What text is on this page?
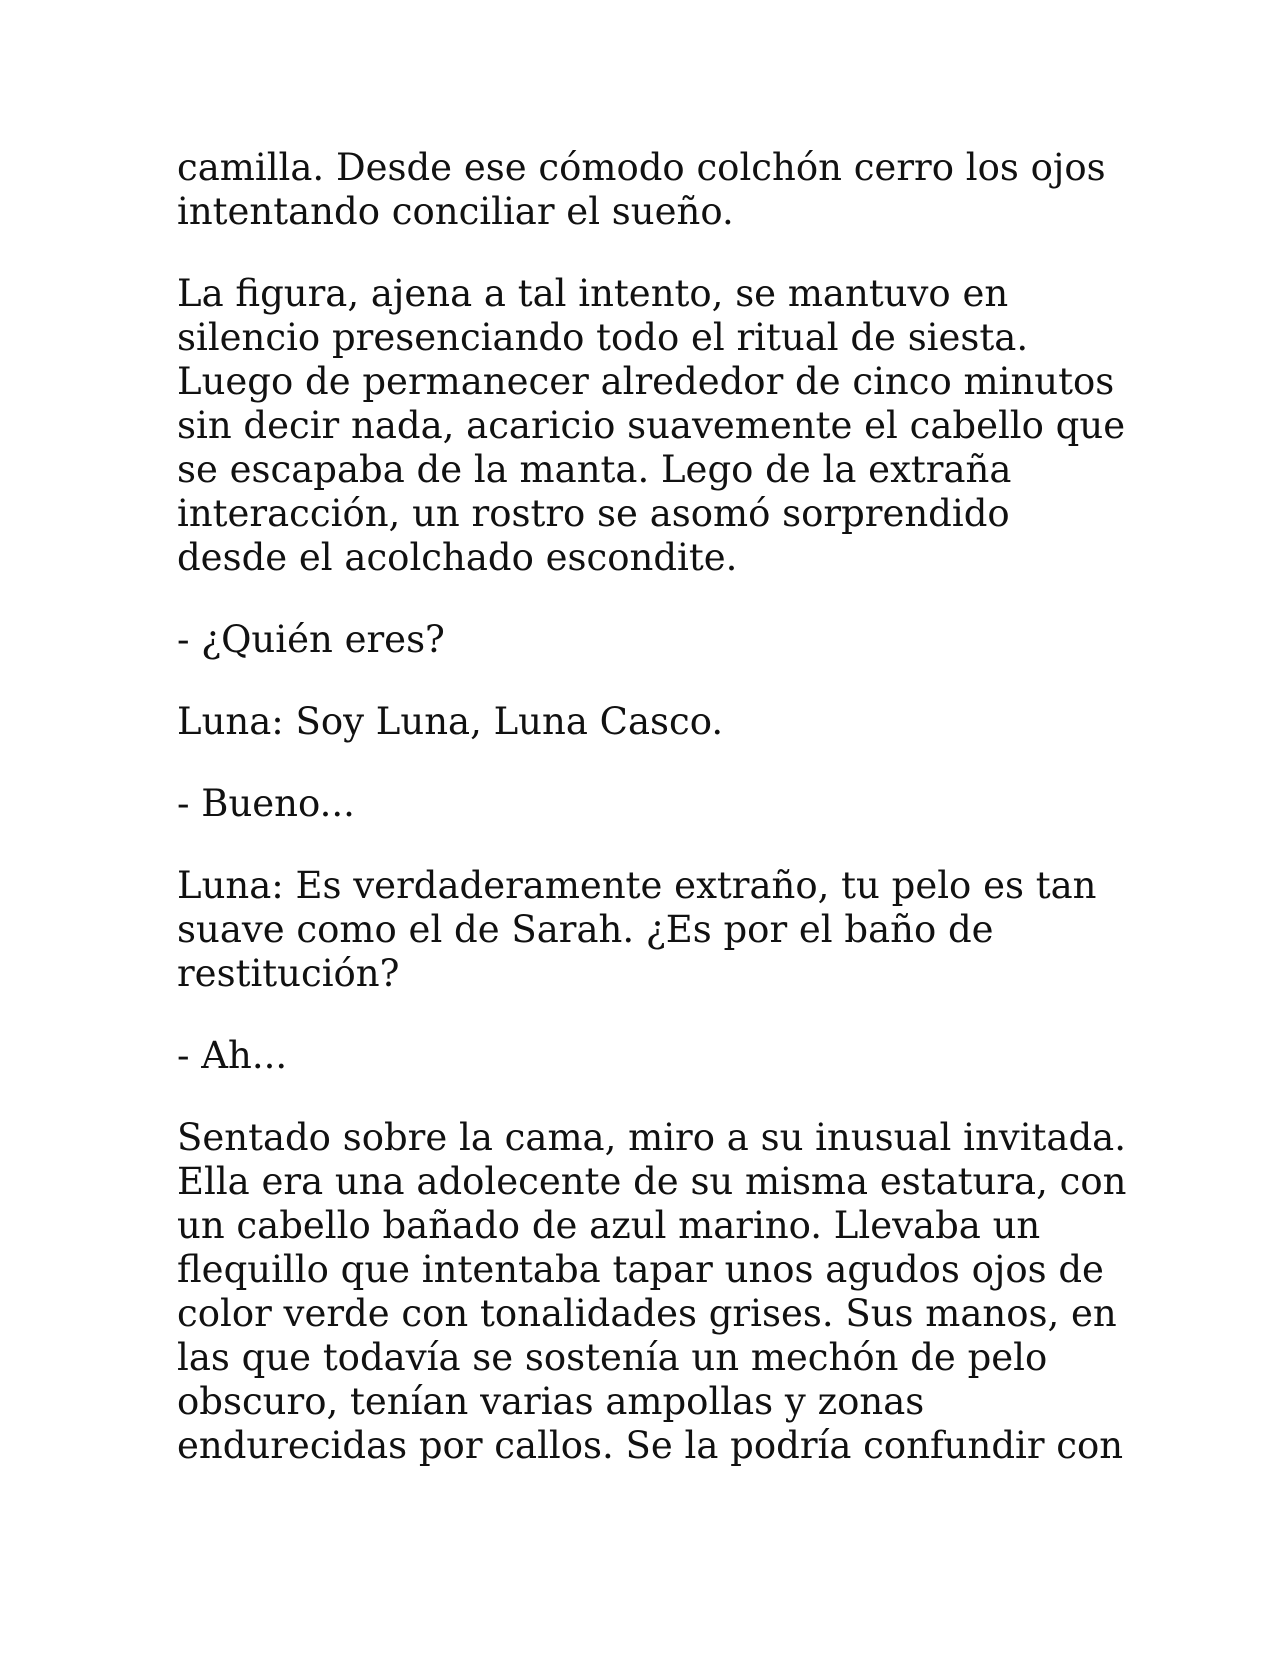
camilla. Desde ese cómodo colchón cerro los ojos
intentando conciliar el sueño.

La figura, ajena a tal intento, se mantuvo en
silencio presenciando todo el ritual de siesta.
Luego de permanecer alrededor de cinco minutos
sin decir nada, acaricio suavemente el cabello que
se escapaba de la manta. Lego de la extraña
interacción, un rostro se asomó sorprendido
desde el acolchado escondite.

- ¿Quién eres?

Luna: Soy Luna, Luna Casco.

- Bueno...

Luna: Es verdaderamente extraño, tu pelo es tan
suave como el de Sarah. ¿Es por el baño de
restitución?

- Ah...

Sentado sobre la cama, miro a su inusual invitada.
Ella era una adolecente de su misma estatura, con
un cabello bañado de azul marino. Llevaba un
flequillo que intentaba tapar unos agudos ojos de
color verde con tonalidades grises. Sus manos, en
las que todavía se sostenía un mechón de pelo
obscuro, tenían varias ampollas y zonas
endurecidas por callos. Se la podría confundir con
